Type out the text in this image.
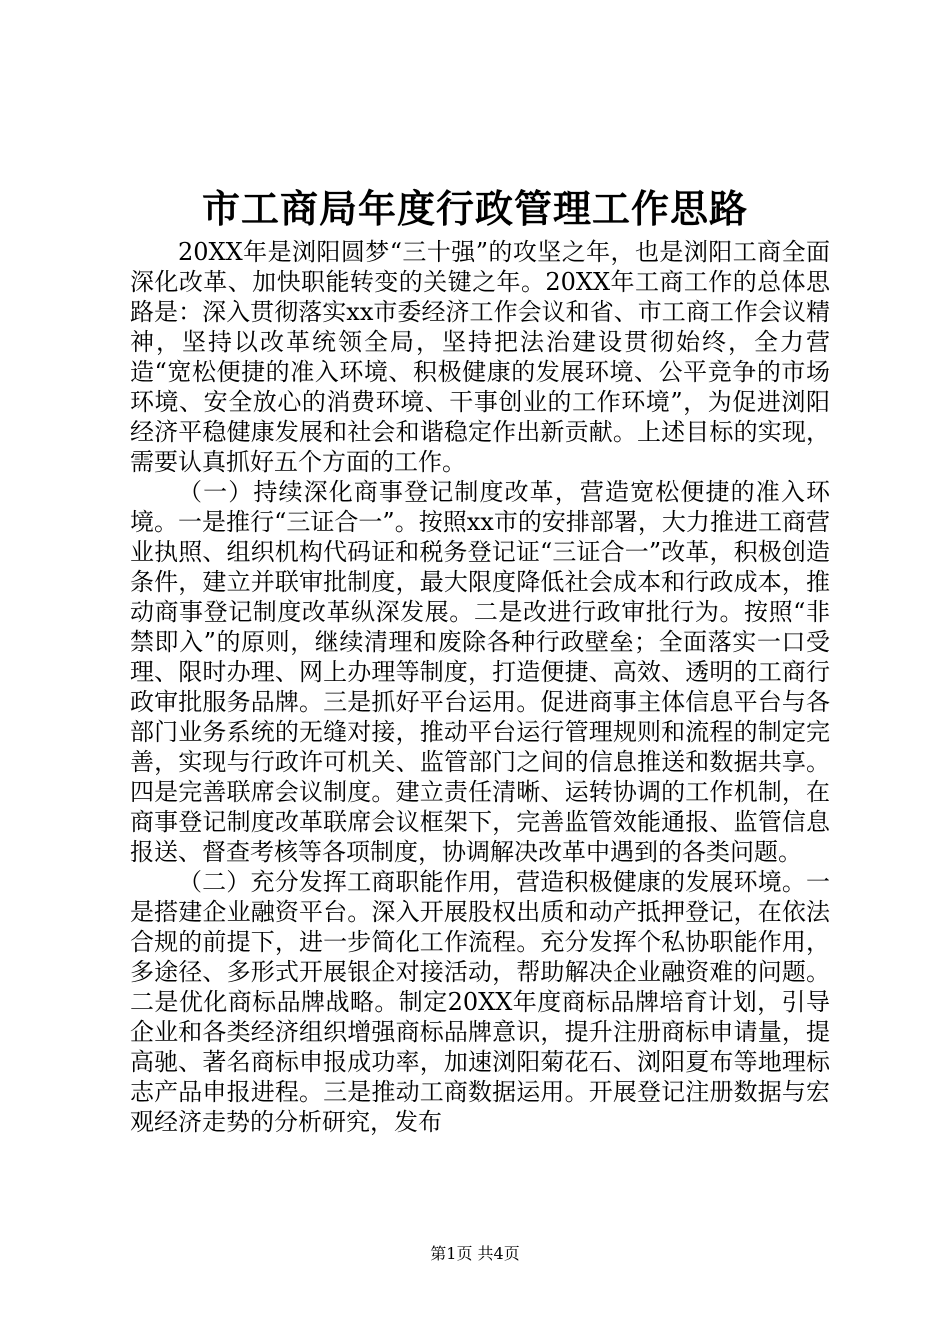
市工商局年度行政管理工作思路

20XX年是浏阳圆梦“三十强”的攻坚之年，也是浏阳工商全面深化改革、加快职能转变的关键之年。20XX年工商工作的总体思路是：深入贯彻落实xx市委经济工作会议和省、市工商工作会议精神，坚持以改革统领全局，坚持把法治建设贯彻始终，全力营造“宽松便捷的准入环境、积极健康的发展环境、公平竞争的市场环境、安全放心的消费环境、干事创业的工作环境”，为促进浏阳经济平稳健康发展和社会和谐稳定作出新贡献。上述目标的实现，需要认真抓好五个方面的工作。

（一）持续深化商事登记制度改革，营造宽松便捷的准入环境。一是推行“三证合一”。按照xx市的安排部署，大力推进工商营业执照、组织机构代码证和税务登记证“三证合一”改革，积极创造条件，建立并联审批制度，最大限度降低社会成本和行政成本，推动商事登记制度改革纵深发展。二是改进行政审批行为。按照“非禁即入”的原则，继续清理和废除各种行政壁垒；全面落实一口受理、限时办理、网上办理等制度，打造便捷、高效、透明的工商行政审批服务品牌。三是抓好平台运用。促进商事主体信息平台与各部门业务系统的无缝对接，推动平台运行管理规则和流程的制定完善，实现与行政许可机关、监管部门之间的信息推送和数据共享。四是完善联席会议制度。建立责任清晰、运转协调的工作机制，在商事登记制度改革联席会议框架下，完善监管效能通报、监管信息报送、督查考核等各项制度，协调解决改革中遇到的各类问题。

（二）充分发挥工商职能作用，营造积极健康的发展环境。一是搭建企业融资平台。深入开展股权出质和动产抵押登记，在依法合规的前提下，进一步简化工作流程。充分发挥个私协职能作用，多途径、多形式开展银企对接活动，帮助解决企业融资难的问题。二是优化商标品牌战略。制定20XX年度商标品牌培育计划，引导企业和各类经济组织增强商标品牌意识，提升注册商标申请量，提高驰、著名商标申报成功率，加速浏阳菊花石、浏阳夏布等地理标志产品申报进程。三是推动工商数据运用。开展登记注册数据与宏观经济走势的分析研究，发布

第1页 共4页
